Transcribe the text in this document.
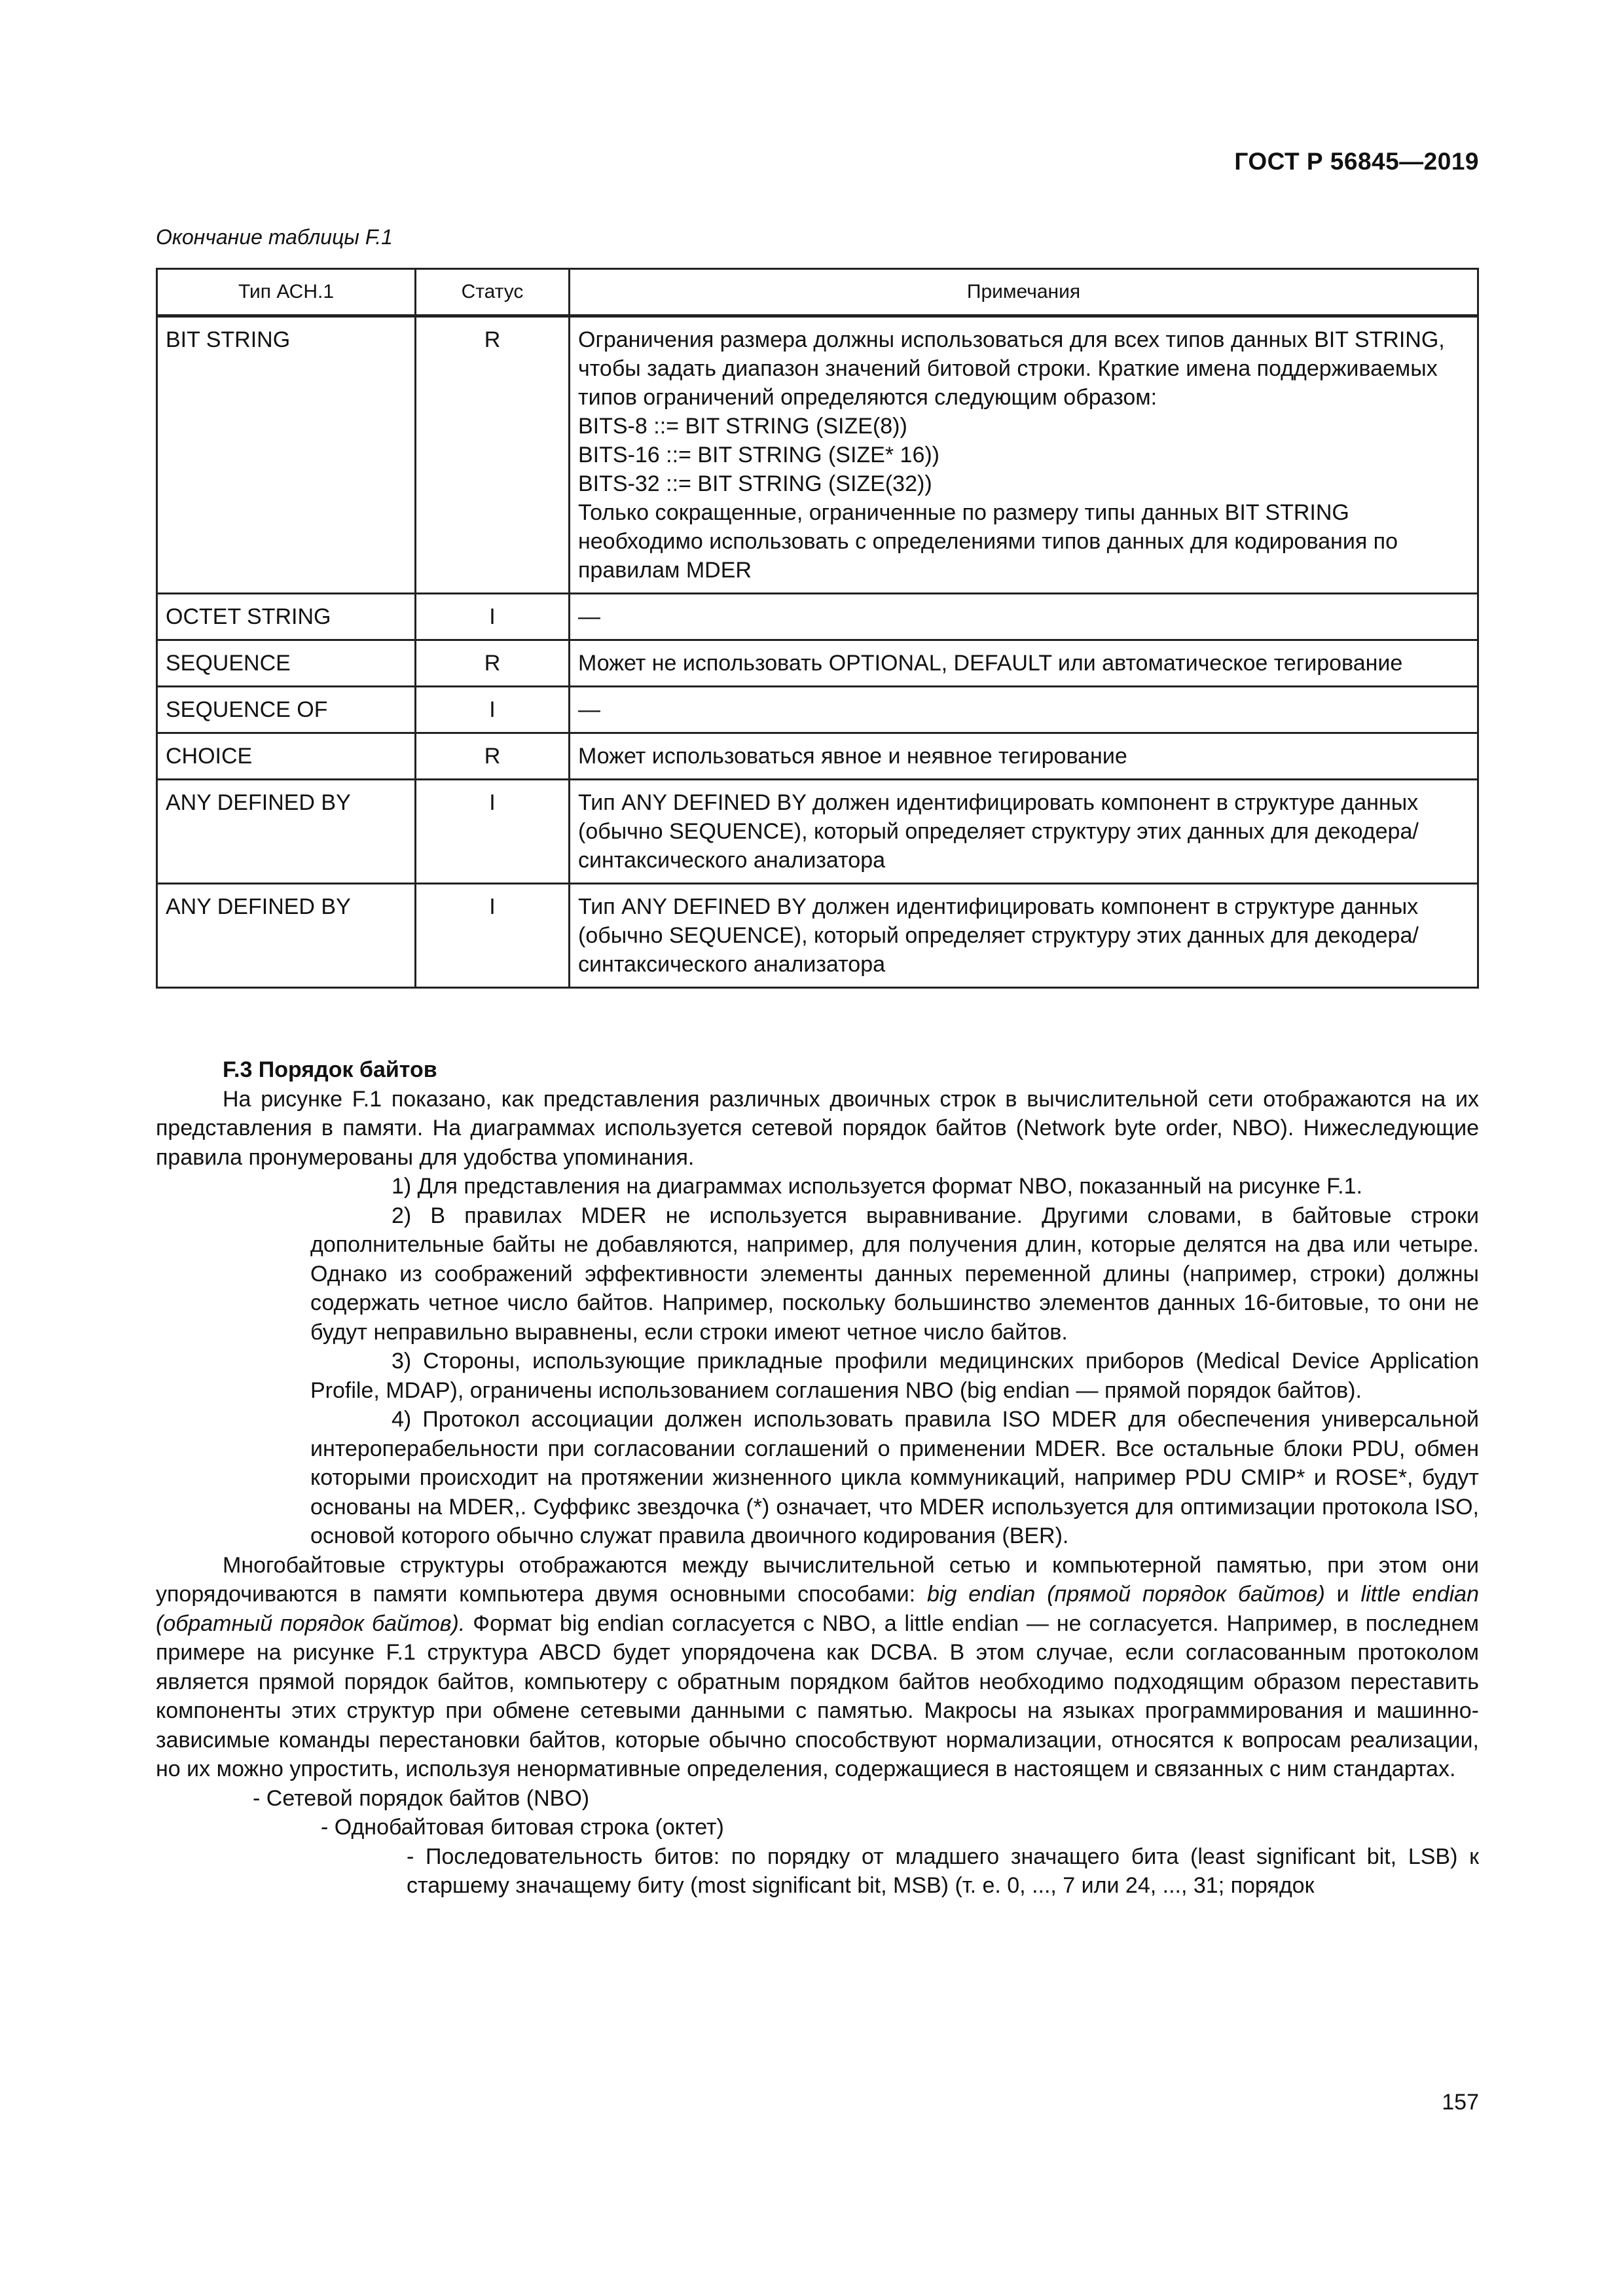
ГОСТ Р 56845—2019
Окончание таблицы F.1
Тип АСН.1	Статус	Примечания
BIT STRING	R	Ограничения размера должны использоваться для всех типов данных BIT STRING, чтобы задать диапазон значений битовой строки. Краткие имена поддерживаемых типов ограничений определяются следующим образом:
BITS-8 ::= BIT STRING (SIZE(8))
BITS-16 ::= BIT STRING (SIZE* 16))
BITS-32 ::= BIT STRING (SIZE(32))
Только сокращенные, ограниченные по размеру типы данных BIT STRING необходимо использовать с определениями типов данных для кодирования по правилам MDER

OCTET STRING	I	—
SEQUENCE	R	Может не использовать OPTIONAL, DEFAULT или автоматическое тегирование
SEQUENCE OF	I	—
CHOICE	R	Может использоваться явное и неявное тегирование
ANY DEFINED BY	I	Тип ANY DEFINED BY должен идентифицировать компонент в структуре данных (обычно SEQUENCE), который определяет структуру этих данных для декодера/синтаксического анализатора
ANY DEFINED BY	I	Тип ANY DEFINED BY должен идентифицировать компонент в структуре данных (обычно SEQUENCE), который определяет структуру этих данных для декодера/синтаксического анализатора
F.3 Порядок байтов

На рисунке F.1 показано, как представления различных двоичных строк в вычислительной сети отображаются на их представления в памяти. На диаграммах используется сетевой порядок байтов (Network byte order, NBO). Нижеследующие правила пронумерованы для удобства упоминания.

1) Для представления на диаграммах используется формат NBO, показанный на рисунке F.1.

2) В правилах MDER не используется выравнивание. Другими словами, в байтовые строки дополнительные байты не добавляются, например, для получения длин, которые делятся на два или четыре. Однако из соображений эффективности элементы данных переменной длины (например, строки) должны содержать четное число байтов. Например, поскольку большинство элементов данных 16-битовые, то они не будут неправильно выравнены, если строки имеют четное число байтов.

3) Стороны, использующие прикладные профили медицинских приборов (Medical Device Application Profile, MDAP), ограничены использованием соглашения NBO (big endian — прямой порядок байтов).

4) Протокол ассоциации должен использовать правила ISO MDER для обеспечения универсальной интероперабельности при согласовании соглашений о применении MDER. Все остальные блоки PDU, обмен которыми происходит на протяжении жизненного цикла коммуникаций, например PDU CMIP* и ROSE*, будут основаны на MDER,. Суффикс звездочка (*) означает, что MDER используется для оптимизации протокола ISO, основой которого обычно служат правила двоичного кодирования (BER).

Многобайтовые структуры отображаются между вычислительной сетью и компьютерной памятью, при этом они упорядочиваются в памяти компьютера двумя основными способами: big endian (прямой порядок байтов) и little endian (обратный порядок байтов). Формат big endian согласуется с NBO, a little endian — не согласуется. Например, в последнем примере на рисунке F.1 структура ABCD будет упорядочена как DCBA. В этом случае, если согласованным протоколом является прямой порядок байтов, компьютеру с обратным порядком байтов необходимо подходящим образом переставить компоненты этих структур при обмене сетевыми данными с памятью. Макросы на языках программирования и машинно-зависимые команды перестановки байтов, которые обычно способствуют нормализации, относятся к вопросам реализации, но их можно упростить, используя ненормативные определения, содержащиеся в настоящем и связанных с ним стандартах.

- Сетевой порядок байтов (NBO)

- Однобайтовая битовая строка (октет)

- Последовательность битов: по порядку от младшего значащего бита (least significant bit, LSB) к старшему значащему биту (most significant bit, MSB) (т. е. 0, ..., 7 или 24, ..., 31; порядок

157
